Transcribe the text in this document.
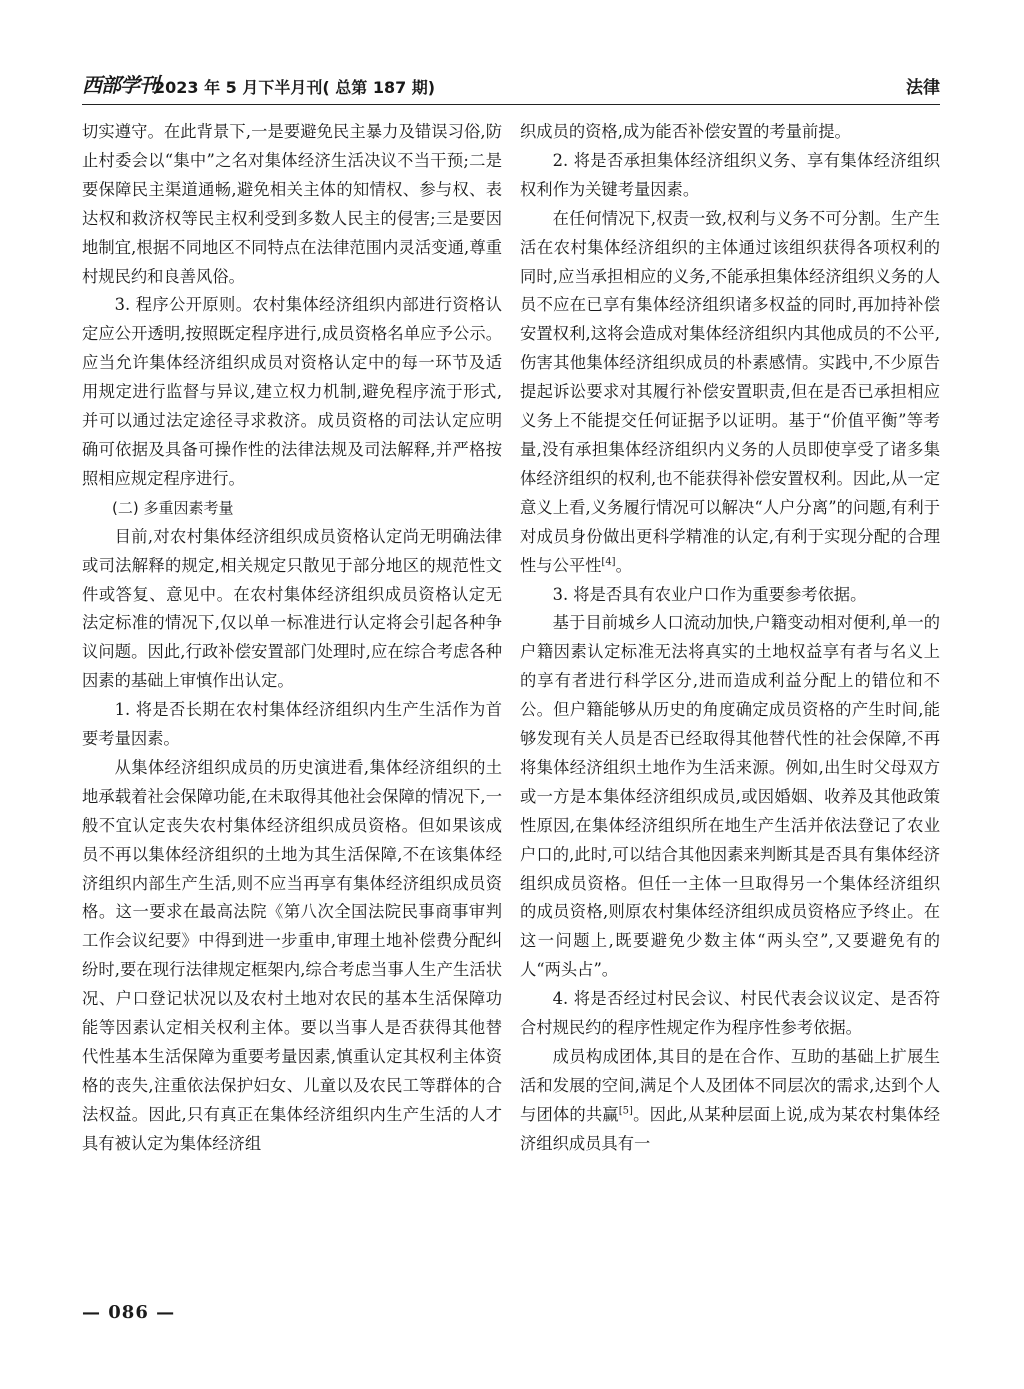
西部学刊
2023 年 5 月下半月刊( 总第 187 期)	法律

切实遵守。在此背景下,一是要避免民主暴力及错误习俗,防止村委会以“集中”之名对集体经济生活决议不当干预;二是要保障民主渠道通畅,避免相关主体的知情权、参与权、表达权和救济权等民主权利受到多数人民主的侵害;三是要因地制宜,根据不同地区不同特点在法律范围内灵活变通,尊重村规民约和良善风俗。

3. 程序公开原则。农村集体经济组织内部进行资格认定应公开透明,按照既定程序进行,成员资格名单应予公示。应当允许集体经济组织成员对资格认定中的每一环节及适用规定进行监督与异议,建立权力机制,避免程序流于形式,并可以通过法定途径寻求救济。成员资格的司法认定应明确可依据及具备可操作性的法律法规及司法解释,并严格按照相应规定程序进行。

(二) 多重因素考量

目前,对农村集体经济组织成员资格认定尚无明确法律或司法解释的规定,相关规定只散见于部分地区的规范性文件或答复、意见中。在农村集体经济组织成员资格认定无法定标准的情况下,仅以单一标准进行认定将会引起各种争议问题。因此,行政补偿安置部门处理时,应在综合考虑各种因素的基础上审慎作出认定。

1. 将是否长期在农村集体经济组织内生产生活作为首要考量因素。

从集体经济组织成员的历史演进看,集体经济组织的土地承载着社会保障功能,在未取得其他社会保障的情况下,一般不宜认定丧失农村集体经济组织成员资格。但如果该成员不再以集体经济组织的土地为其生活保障,不在该集体经济组织内部生产生活,则不应当再享有集体经济组织成员资格。这一要求在最高法院《第八次全国法院民事商事审判工作会议纪要》中得到进一步重申,审理土地补偿费分配纠纷时,要在现行法律规定框架内,综合考虑当事人生产生活状况、户口登记状况以及农村土地对农民的基本生活保障功能等因素认定相关权利主体。要以当事人是否获得其他替代性基本生活保障为重要考量因素,慎重认定其权利主体资格的丧失,注重依法保护妇女、儿童以及农民工等群体的合法权益。因此,只有真正在集体经济组织内生产生活的人才具有被认定为集体经济组

织成员的资格,成为能否补偿安置的考量前提。

2. 将是否承担集体经济组织义务、享有集体经济组织权利作为关键考量因素。

在任何情况下,权责一致,权利与义务不可分割。生产生活在农村集体经济组织的主体通过该组织获得各项权利的同时,应当承担相应的义务,不能承担集体经济组织义务的人员不应在已享有集体经济组织诸多权益的同时,再加持补偿安置权利,这将会造成对集体经济组织内其他成员的不公平,伤害其他集体经济组织成员的朴素感情。实践中,不少原告提起诉讼要求对其履行补偿安置职责,但在是否已承担相应义务上不能提交任何证据予以证明。基于“价值平衡”等考量,没有承担集体经济组织内义务的人员即使享受了诸多集体经济组织的权利,也不能获得补偿安置权利。因此,从一定意义上看,义务履行情况可以解决“人户分离”的问题,有利于对成员身份做出更科学精准的认定,有利于实现分配的合理性与公平性[4]。

3. 将是否具有农业户口作为重要参考依据。

基于目前城乡人口流动加快,户籍变动相对便利,单一的户籍因素认定标准无法将真实的土地权益享有者与名义上的享有者进行科学区分,进而造成利益分配上的错位和不公。但户籍能够从历史的角度确定成员资格的产生时间,能够发现有关人员是否已经取得其他替代性的社会保障,不再将集体经济组织土地作为生活来源。例如,出生时父母双方或一方是本集体经济组织成员,或因婚姻、收养及其他政策性原因,在集体经济组织所在地生产生活并依法登记了农业户口的,此时,可以结合其他因素来判断其是否具有集体经济组织成员资格。但任一主体一旦取得另一个集体经济组织的成员资格,则原农村集体经济组织成员资格应予终止。在这一问题上,既要避免少数主体“两头空”,又要避免有的人“两头占”。

4. 将是否经过村民会议、村民代表会议议定、是否符合村规民约的程序性规定作为程序性参考依据。

成员构成团体,其目的是在合作、互助的基础上扩展生活和发展的空间,满足个人及团体不同层次的需求,达到个人与团体的共赢[5]。因此,从某种层面上说,成为某农村集体经济组织成员具有一

— 086 —
